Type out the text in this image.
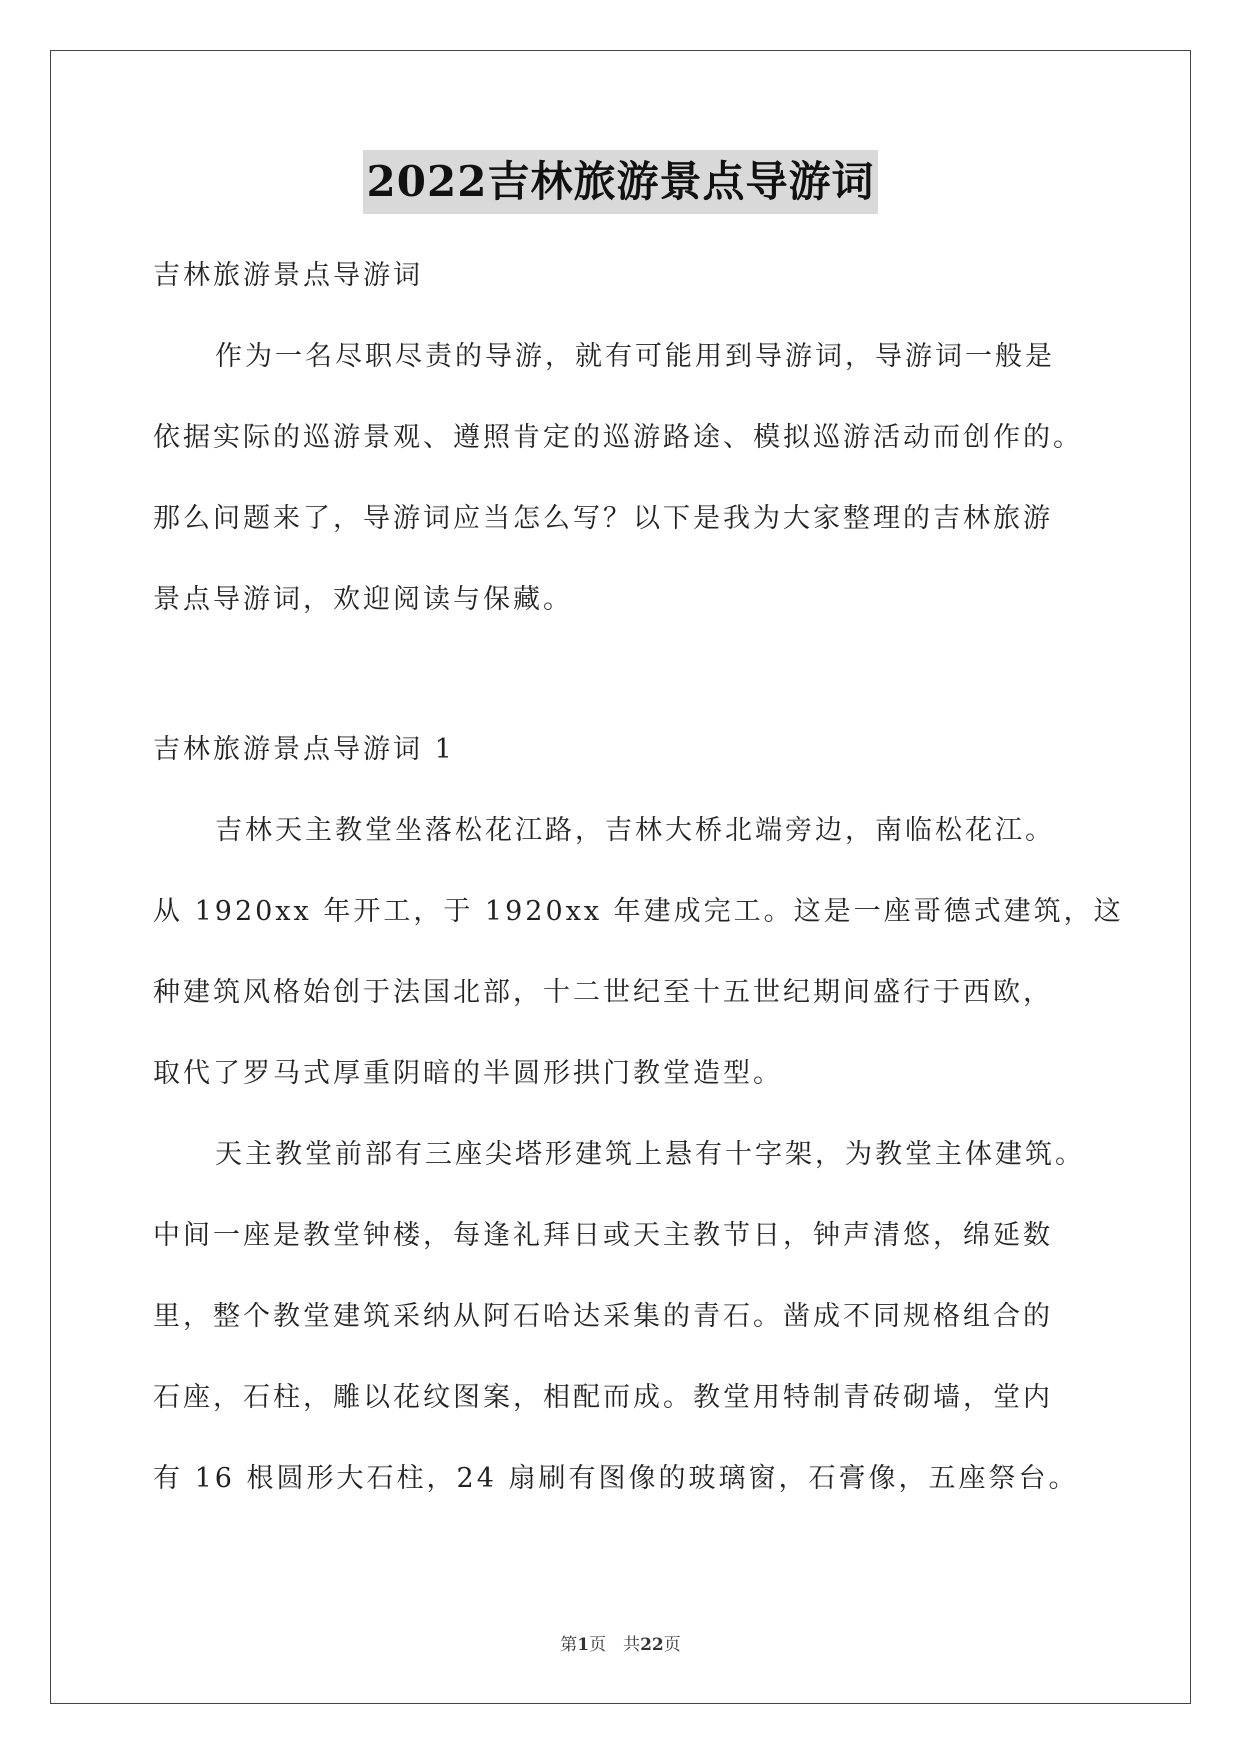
2022吉林旅游景点导游词
吉林旅游景点导游词
作为一名尽职尽责的导游，就有可能用到导游词，导游词一般是
依据实际的巡游景观、遵照肯定的巡游路途、模拟巡游活动而创作的。
那么问题来了，导游词应当怎么写？以下是我为大家整理的吉林旅游
景点导游词，欢迎阅读与保藏。
吉林旅游景点导游词 1
吉林天主教堂坐落松花江路，吉林大桥北端旁边，南临松花江。
从 1920xx 年开工，于 1920xx 年建成完工。这是一座哥德式建筑，这
种建筑风格始创于法国北部，十二世纪至十五世纪期间盛行于西欧，
取代了罗马式厚重阴暗的半圆形拱门教堂造型。
天主教堂前部有三座尖塔形建筑上悬有十字架，为教堂主体建筑。
中间一座是教堂钟楼，每逢礼拜日或天主教节日，钟声清悠，绵延数
里，整个教堂建筑采纳从阿石哈达采集的青石。凿成不同规格组合的
石座，石柱，雕以花纹图案，相配而成。教堂用特制青砖砌墙，堂内
有 16 根圆形大石柱，24 扇刷有图像的玻璃窗，石膏像，五座祭台。
第1页　共22页
